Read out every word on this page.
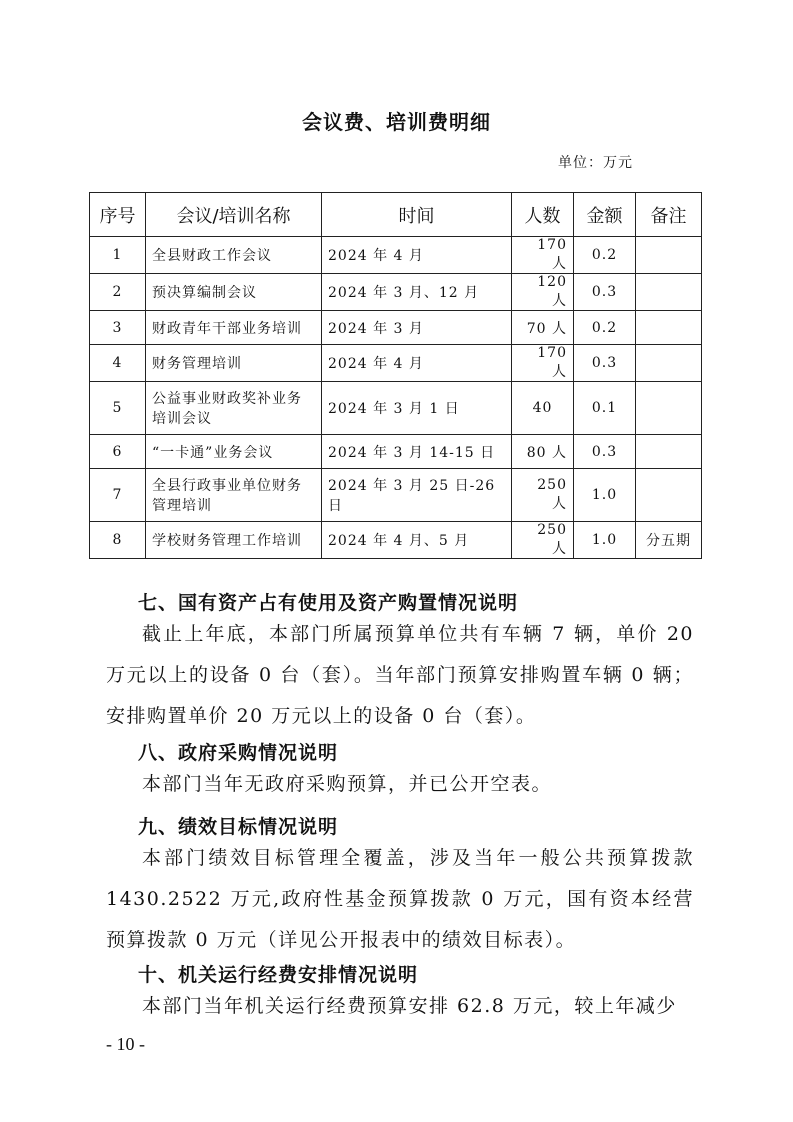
会议费、培训费明细
单位：万元
序号	会议/培训名称	时间	人数	金额	备注
1	全县财政工作会议	2024 年 4 月	170 人	0.2	
2	预决算编制会议	2024 年 3 月、12 月	120 人	0.3	
3	财政青年干部业务培训	2024 年 3 月	70 人	0.2	
4	财务管理培训	2024 年 4 月	170 人	0.3	
5	公益事业财政奖补业务培训会议	2024 年 3 月 1 日	40	0.1	
6	“一卡通”业务会议	2024 年 3 月 14-15 日	80 人	0.3	
7	全县行政事业单位财务管理培训	2024 年 3 月 25 日-26 日	250 人	1.0	
8	学校财务管理工作培训	2024 年 4 月、5 月	250 人	1.0	分五期
七、国有资产占有使用及资产购置情况说明
截止上年底，本部门所属预算单位共有车辆 7 辆，单价 20 万元以上的设备 0 台（套）。当年部门预算安排购置车辆 0 辆；安排购置单价 20 万元以上的设备 0 台（套）。
八、政府采购情况说明
本部门当年无政府采购预算，并已公开空表。
九、绩效目标情况说明
本部门绩效目标管理全覆盖，涉及当年一般公共预算拨款 1430.2522 万元,政府性基金预算拨款 0 万元，国有资本经营预算拨款 0 万元（详见公开报表中的绩效目标表）。
十、机关运行经费安排情况说明
本部门当年机关运行经费预算安排 62.8 万元，较上年减少
- 10 -
